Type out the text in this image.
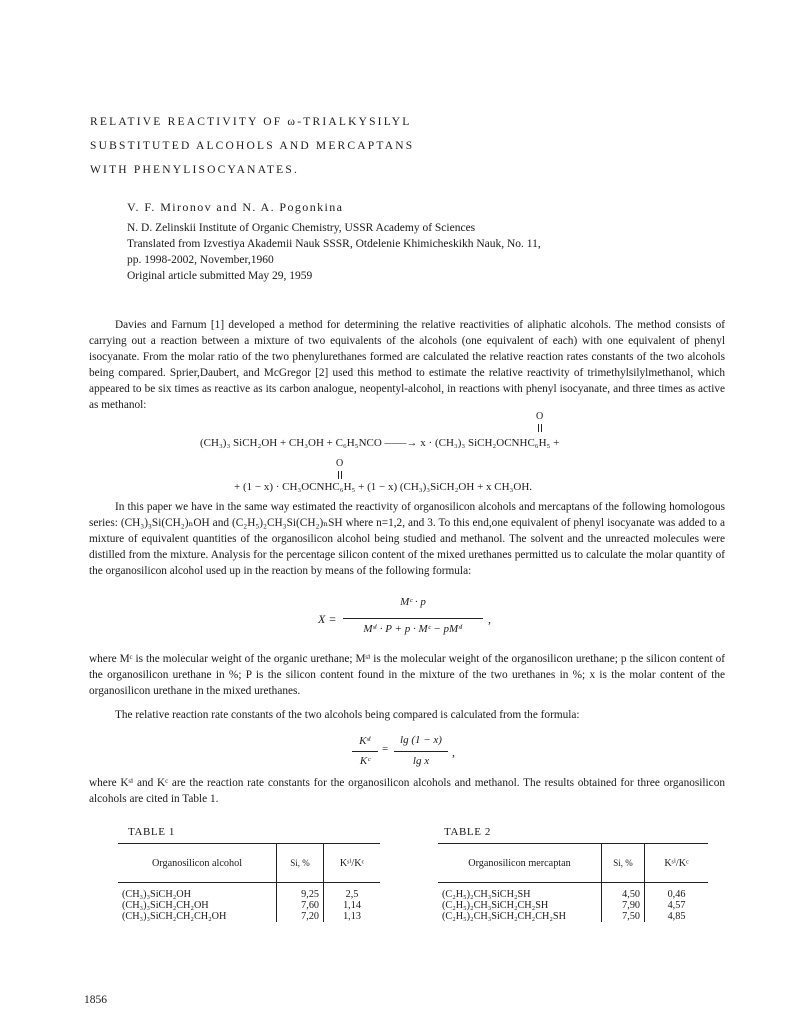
RELATIVE REACTIVITY OF ω-TRIALKYSILYL
SUBSTITUTED ALCOHOLS AND MERCAPTANS
WITH PHENYLISOCYANATES.
V. F. Mironov and N. A. Pogonkina
N. D. Zelinskii Institute of Organic Chemistry, USSR Academy of Sciences
Translated from Izvestiya Akademii Nauk SSSR, Otdelenie Khimicheskikh Nauk, No. 11,
pp. 1998-2002, November,1960
Original article submitted May 29, 1959

Davies and Farnum [1] developed a method for determining the relative reactivities of aliphatic alcohols. The method consists of carrying out a reaction between a mixture of two equivalents of the alcohols (one equivalent of each) with one equivalent of phenyl isocyanate. From the molar ratio of the two phenylurethanes formed are calculated the relative reaction rates constants of the two alcohols being compared. Sprier,Daubert, and McGregor [2] used this method to estimate the relative reactivity of trimethylsilylmethanol, which appeared to be six times as reactive as its carbon analogue, neopentyl-alcohol, in reactions with phenyl isocyanate, and three times as active as methanol:

O
(CH₃)₃ SiCH₂OH + CH₃OH + C₆H₅NCO ——→ x · (CH₃)₃ SiCH₂OCNHC₆H₅ +
O
+ (1 − x) · CH₃OCNHC₆H₅ + (1 − x) (CH₃)₃SiCH₂OH + x CH₃OH.

In this paper we have in the same way estimated the reactivity of organosilicon alcohols and mercaptans of the following homologous series: (CH₃)₃Si(CH₂)ₙOH and (C₂H₅)₂CH₃Si(CH₂)ₙSH where n=1,2, and 3. To this end,one equivalent of phenyl isocyanate was added to a mixture of equivalent quantities of the organosilicon alcohol being studied and methanol. The solvent and the unreacted molecules were distilled from the mixture. Analysis for the percentage silicon content of the mixed urethanes permitted us to calculate the molar quantity of the organosilicon alcohol used up in the reaction by means of the following formula:

X =
Mᶜ · p
Mˢⁱ · P + p · Mᶜ − pMˢⁱ
,

where Mᶜ is the molecular weight of the organic urethane; Mˢⁱ is the molecular weight of the organosilicon urethane; p the silicon content of the organosilicon urethane in %; P is the silicon content found in the mixture of the two urethanes in %; x is the molar content of the organosilicon urethane in the mixed urethanes.

The relative reaction rate constants of the two alcohols being compared is calculated from the formula:

Kˢⁱ
Kᶜ
=
lg (1 − x)
lg x
,

where Kˢⁱ and Kᶜ are the reaction rate constants for the organosilicon alcohols and methanol. The results obtained for three organosilicon alcohols are cited in Table 1.

TABLE 1
Organosilicon alcohol	Si, %	Kˢⁱ/Kᶜ
(CH₃)₃SiCH₂OH	9,25	2,5
(CH₃)₃SiCH₂CH₂OH	7,60	1,14
(CH₃)₃SiCH₂CH₂CH₂OH	7,20	1,13
TABLE 2
Organosilicon mercaptan	Si, %	Kˢⁱ/Kᶜ
(C₂H₅)₂CH₃SiCH₂SH	4,50	0,46
(C₂H₅)₂CH₃SiCH₂CH₂SH	7,90	4,57
(C₂H₅)₂CH₃SiCH₂CH₂CH₂SH	7,50	4,85
1856
